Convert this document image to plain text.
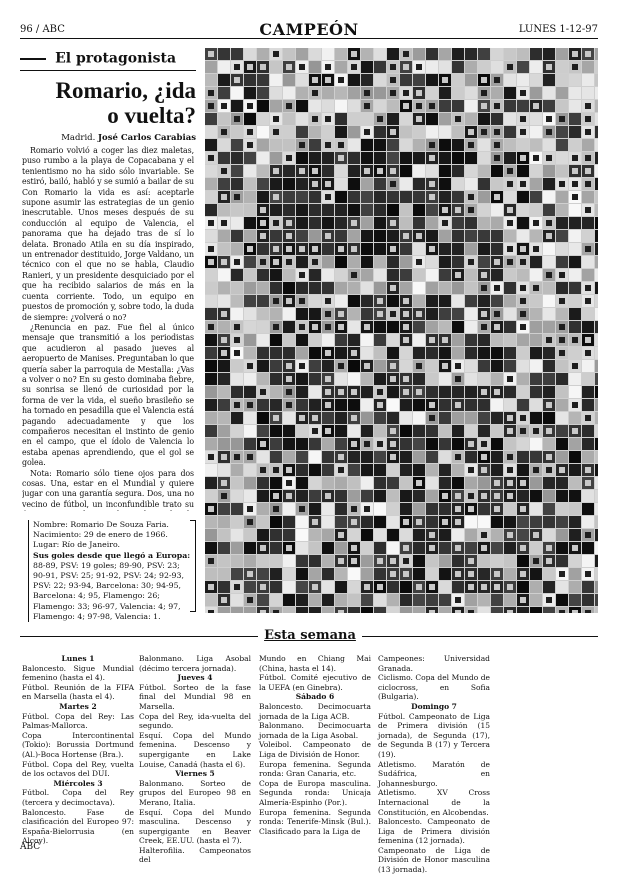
96 / ABC	CAMPEÓN	LUNES 1-12-97
El protagonista
Romario, ¿ida
o vuelta?
Madrid. José Carlos Carabias

Romario volvió a coger las diez maletas, puso rumbo a la playa de Copacabana y el tenientismo no ha sido sólo invariable. Se estiró, bailó, habló y se sumió a bailar de su Con Romario la vida es así: aceptarle supone asumir las estrategias de un genio inescrutable. Unos meses después de su conducción al equipo de Valencia, el panorama que ha dejado tras de sí lo delata. Bronado Atila en su día inspirado, un entrenador destituido, Jorge Valdano, un técnico con el que no se habla, Claudio Ranieri, y un presidente desquiciado por el que ha recibido salarios de más en la cuenta corriente. Todo, un equipo en puestos de promoción y, sobre todo, la duda de siempre: ¿volverá o no?

¿Renuncia en paz. Fue fiel al único mensaje que transmitió a los periodistas que acudieron al pasado jueves al aeropuerto de Manises. Preguntaban lo que quería saber la parroquia de Mestalla: ¿Vas a volver o no? En su gesto dominaba fiebre, su sonrisa se llenó de curiosidad por la forma de ver la vida, el sueño brasileño se ha tornado en pesadilla que el Valencia está pagando adecuadamente y que los compañeros necesitan el instinto de genio en el campo, que el ídolo de Valencia lo estaba apenas aprendiendo, que el gol se golea.

Nota: Romario sólo tiene ojos para dos cosas. Una, estar en el Mundial y quiere jugar con una garantía segura. Dos, una no vecino de fútbol, un inconfundible trato su

Nombre: Romario De Souza Faria.
Nacimiento: 29 de enero de 1966.
Lugar: Río de Janeiro.
Sus goles desde que llegó a Europa:
88-89, PSV: 19 goles; 89-90, PSV: 23; 90-91, PSV: 25; 91-92, PSV: 24; 92-93, PSV: 22; 93-94, Barcelona: 30; 94-95, Barcelona: 4; 95, Flamengo: 26; Flamengo: 33; 96-97, Valencia: 4; 97, Flamengo: 4; 97-98, Valencia: 1.
Esta semana
Lunes 1
Baloncesto. Sigue Mundial femenino (hasta el 4).
Fútbol. Reunión de la FIFA en Marsella (hasta el 4).
Martes 2
Fútbol. Copa del Rey: Las Palmas-Mallorca.
Copa Intercontinental (Tokio): Borussia Dortmund (Al.)-Boca Hortense (Bra.).
Fútbol. Copa del Rey, vuelta de los octavos del DUI.
Miércoles 3
Fútbol. Copa del Rey (tercera y decimoctava).
Baloncesto. Fase de clasificación del Europeo 97: España-Bielorrusia (en Alcoy).
Balonmano. Liga Asobal (décimo tercera jornada).
Jueves 4
Fútbol. Sorteo de la fase final del Mundial 98 en Marsella.
Copa del Rey, ida-vuelta del segundo.
Esquí. Copa del Mundo femenina. Descenso y supergigante en Lake Louise, Canadá (hasta el 6).
Viernes 5
Balonmano. Sorteo de grupos del Europeo 98 en Merano, Italia.
Esquí. Copa del Mundo masculina. Descenso y supergigante en Beaver Creek, EE.UU. (hasta el 7).
Halterofilia. Campeonatos del
Mundo en Chiang Mai (China, hasta el 14).
Fútbol. Comité ejecutivo de la UEFA (en Ginebra).
Sábado 6
Baloncesto. Decimocuarta jornada de la Liga ACB.
Balonmano. Decimocuarta jornada de la Liga Asobal.
Voleibol. Campeonato de Liga de División de Honor.
Europa femenina. Segunda ronda: Gran Canaria, etc.
Copa de Europa masculina. Segunda ronda: Unicaja Almería-Espinho (Por.).
Europa femenina. Segunda ronda: Tenerife-Minsk (Bul.). Clasificado para la Liga de
Campeones: Universidad Granada.
Ciclismo. Copa del Mundo de ciclocross, en Sofia (Bulgaria).
Domingo 7
Fútbol. Campeonato de Liga de Primera división (15 jornada), de Segunda (17), de Segunda B (17) y Tercera (19).
Atletismo. Maratón de Sudáfrica, en Johannesburgo.
Atletismo. XV Cross Internacional de la Constitución, en Alcobendas.
Baloncesto. Campeonato de Liga de Primera división femenina (12 jornada).
Campeonato de Liga de División de Honor masculina (13 jornada).
ABC
